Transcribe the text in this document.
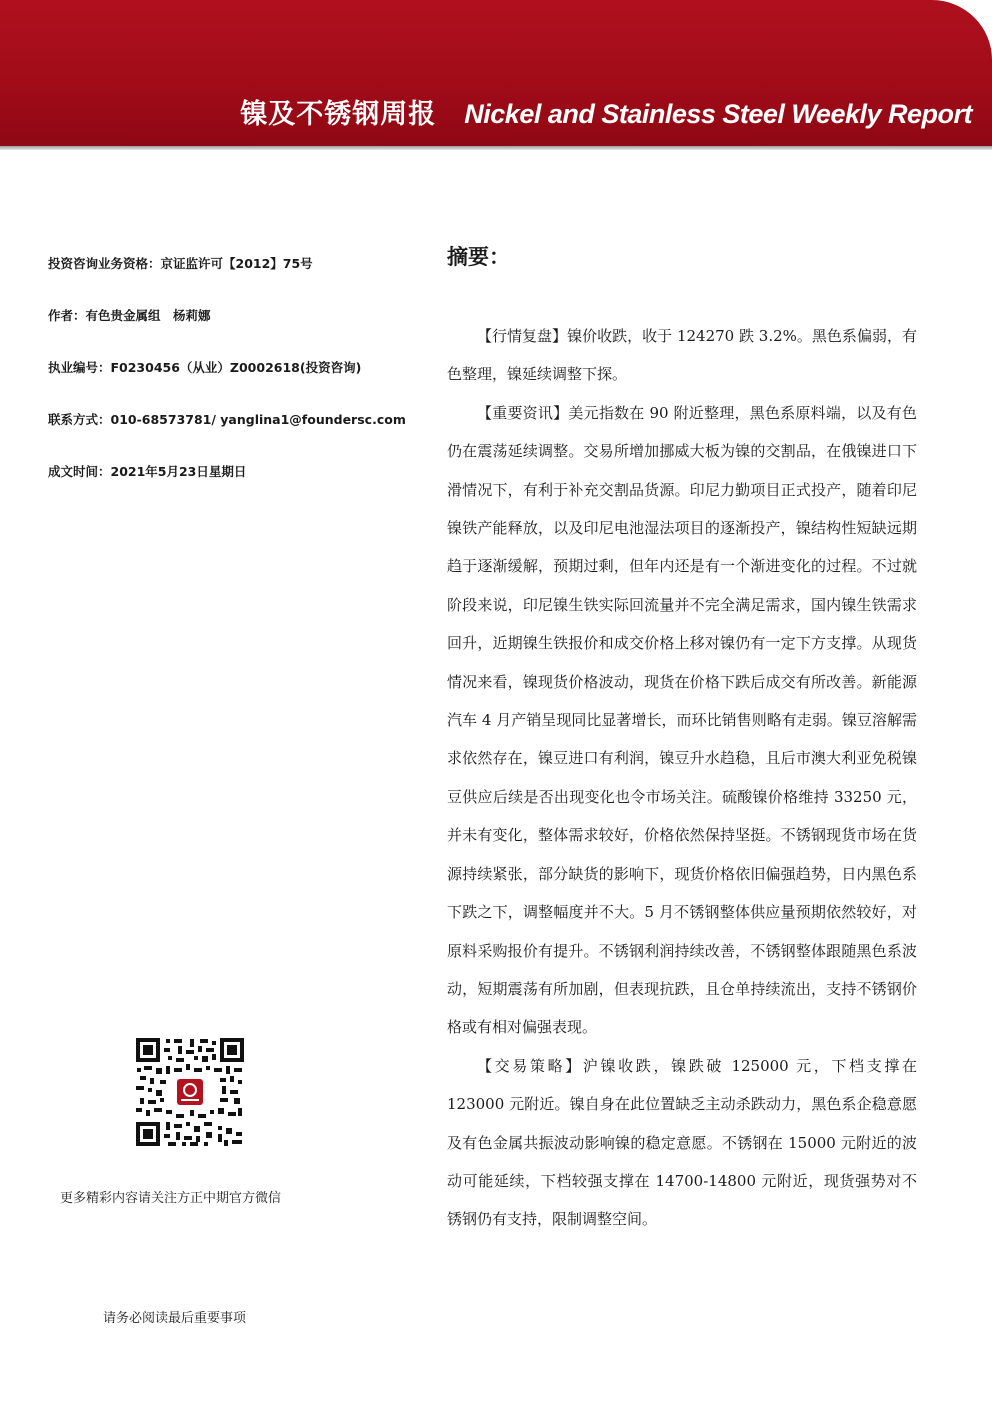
镍及不锈钢周报 Nickel and Stainless Steel Weekly Report
投资咨询业务资格：京证监许可【2012】75号
作者：有色贵金属组　杨莉娜
执业编号：F0230456（从业）Z0002618(投资咨询)
联系方式：010-68573781/ yanglina1@foundersc.com
成文时间：2021年5月23日星期日
更多精彩内容请关注方正中期官方微信
请务必阅读最后重要事项
摘要：

【行情复盘】镍价收跌，收于 124270 跌 3.2%。黑色系偏弱，有色整理，镍延续调整下探。

【重要资讯】美元指数在 90 附近整理，黑色系原料端，以及有色仍在震荡延续调整。交易所增加挪威大板为镍的交割品，在俄镍进口下滑情况下，有利于补充交割品货源。印尼力勤项目正式投产，随着印尼镍铁产能释放，以及印尼电池湿法项目的逐渐投产，镍结构性短缺远期趋于逐渐缓解，预期过剩，但年内还是有一个渐进变化的过程。不过就阶段来说，印尼镍生铁实际回流量并不完全满足需求，国内镍生铁需求回升，近期镍生铁报价和成交价格上移对镍仍有一定下方支撑。从现货情况来看，镍现货价格波动，现货在价格下跌后成交有所改善。新能源汽车 4 月产销呈现同比显著增长，而环比销售则略有走弱。镍豆溶解需求依然存在，镍豆进口有利润，镍豆升水趋稳，且后市澳大利亚免税镍豆供应后续是否出现变化也令市场关注。硫酸镍价格维持 33250 元，并未有变化，整体需求较好，价格依然保持坚挺。不锈钢现货市场在货源持续紧张，部分缺货的影响下，现货价格依旧偏强趋势，日内黑色系下跌之下，调整幅度并不大。5 月不锈钢整体供应量预期依然较好，对原料采购报价有提升。不锈钢利润持续改善，不锈钢整体跟随黑色系波动，短期震荡有所加剧，但表现抗跌，且仓单持续流出，支持不锈钢价格或有相对偏强表现。

【交易策略】沪镍收跌，镍跌破 125000 元，下档支撑在 123000 元附近。镍自身在此位置缺乏主动杀跌动力，黑色系企稳意愿及有色金属共振波动影响镍的稳定意愿。不锈钢在 15000 元附近的波动可能延续，下档较强支撑在 14700-14800 元附近，现货强势对不锈钢仍有支持，限制调整空间。
